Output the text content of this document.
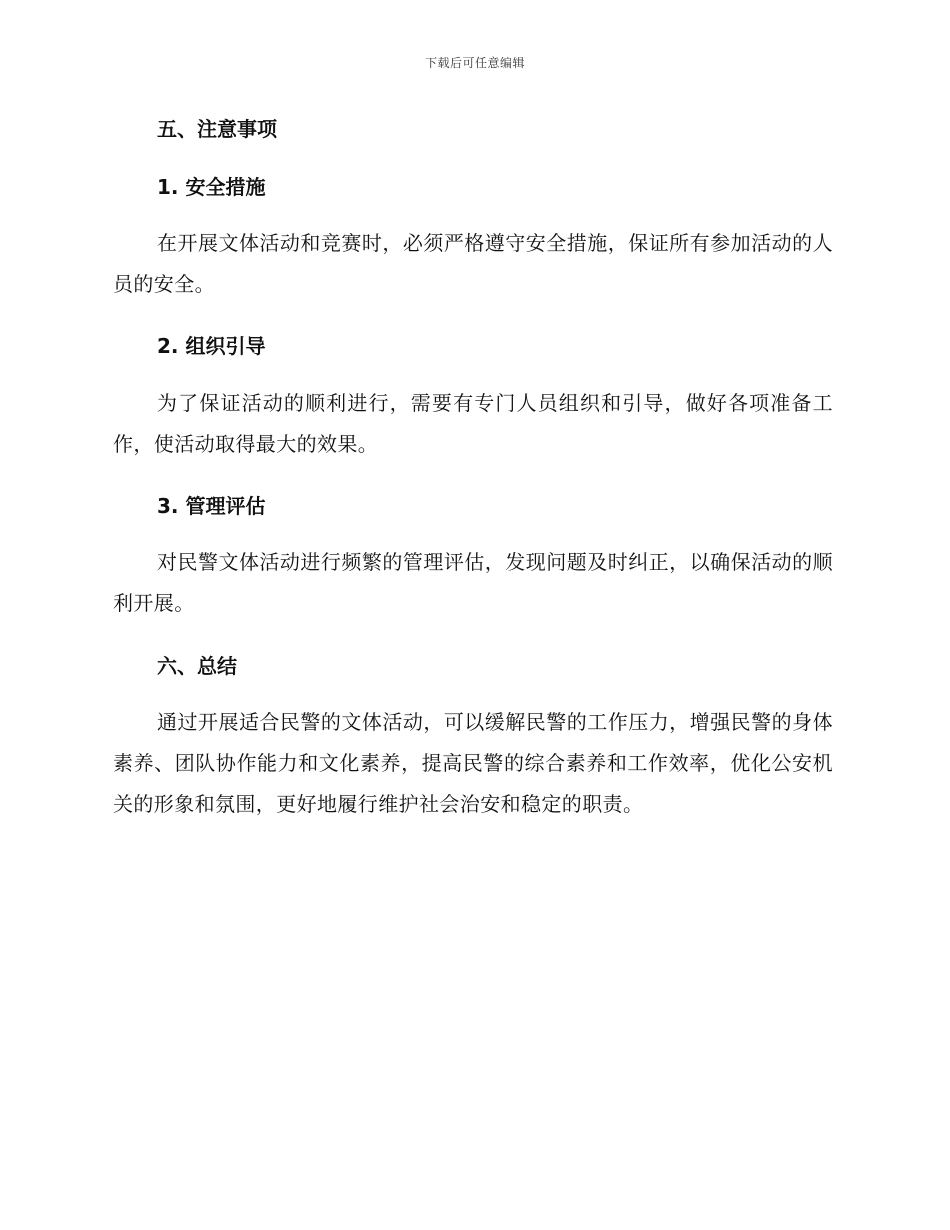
下载后可任意编辑
五、注意事项
1. 安全措施
在开展文体活动和竞赛时，必须严格遵守安全措施，保证所有参加活动的人员的安全。
2. 组织引导
为了保证活动的顺利进行，需要有专门人员组织和引导，做好各项准备工作，使活动取得最大的效果。
3. 管理评估
对民警文体活动进行频繁的管理评估，发现问题及时纠正，以确保活动的顺利开展。
六、总结
通过开展适合民警的文体活动，可以缓解民警的工作压力，增强民警的身体素养、团队协作能力和文化素养，提高民警的综合素养和工作效率，优化公安机关的形象和氛围，更好地履行维护社会治安和稳定的职责。
